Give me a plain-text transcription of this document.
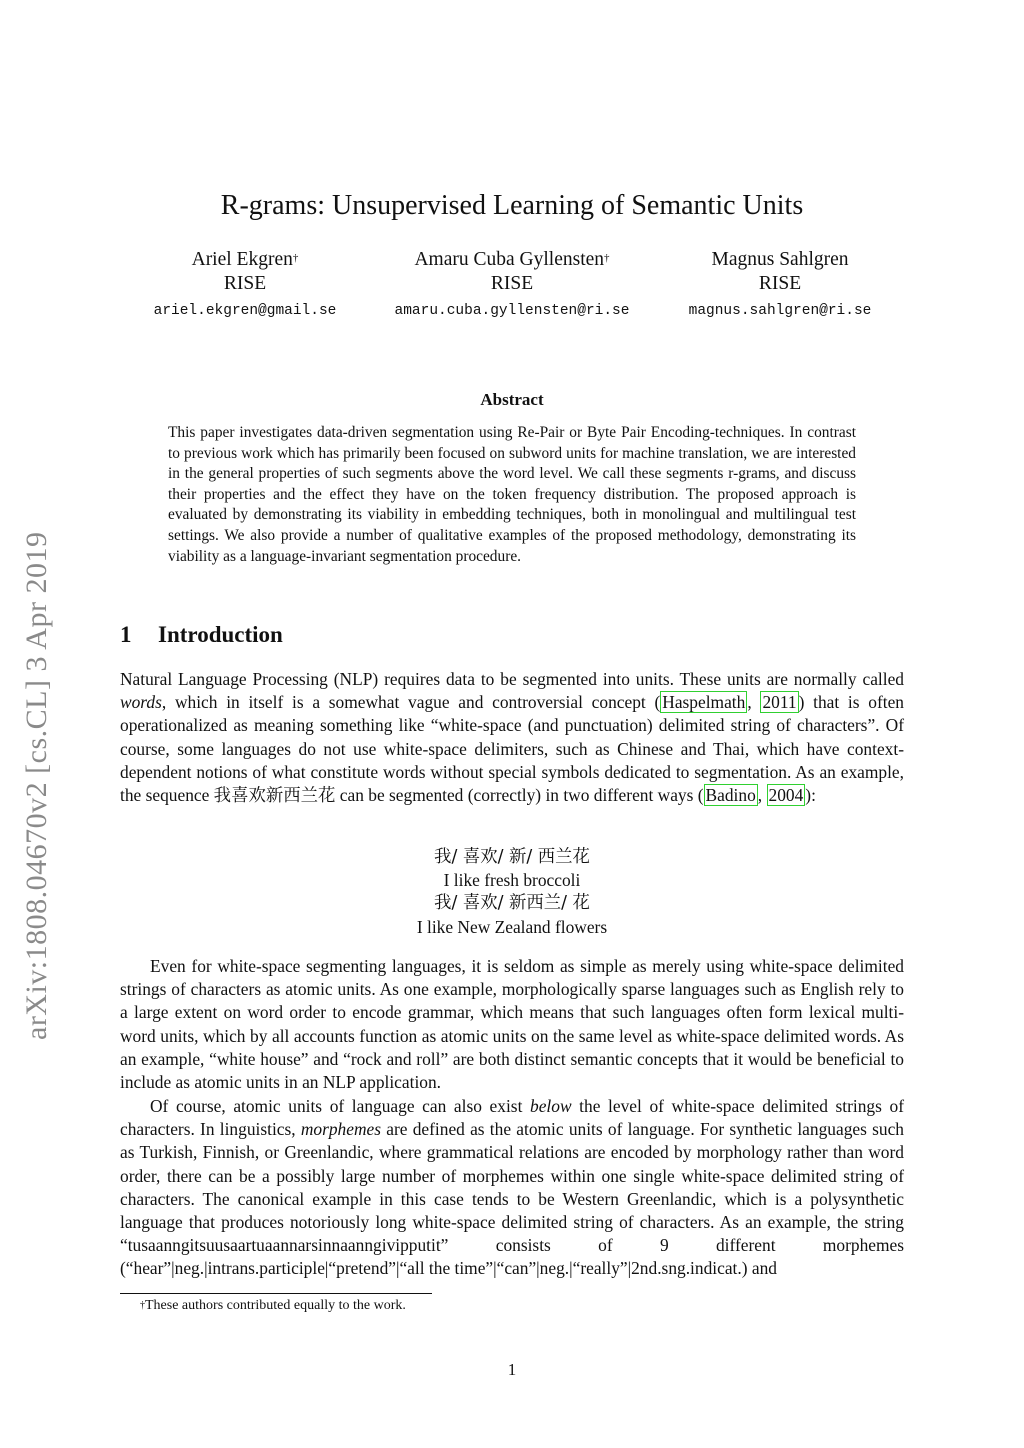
arXiv:1808.04670v2 [cs.CL] 3 Apr 2019
R-grams: Unsupervised Learning of Semantic Units
Ariel Ekgren†
RISE
ariel.ekgren@gmail.se
Amaru Cuba Gyllensten†
RISE
amaru.cuba.gyllensten@ri.se
Magnus Sahlgren
RISE
magnus.sahlgren@ri.se
Abstract
This paper investigates data-driven segmentation using Re-Pair or Byte Pair Encoding-techniques. In contrast to previous work which has primarily been focused on subword units for machine translation, we are interested in the general properties of such segments above the word level. We call these segments r-grams, and discuss their properties and the effect they have on the token frequency distribution. The proposed approach is evaluated by demonstrating its viability in embedding techniques, both in monolingual and multilingual test settings. We also provide a number of qualitative examples of the proposed methodology, demonstrating its viability as a language-invariant segmentation procedure.
1 Introduction
Natural Language Processing (NLP) requires data to be segmented into units. These units are normally called words, which in itself is a somewhat vague and controversial concept ( Haspelmath , 2011 ) that is often operationalized as meaning something like “white-space (and punctuation) delimited string of characters”. Of course, some languages do not use white-space delimiters, such as Chinese and Thai, which have context-dependent notions of what constitute words without special symbols dedicated to segmentation. As an example, the sequence 我喜欢新西兰花 can be segmented (correctly) in two different ways ( Badino , 2004 ):
我/ 喜欢/ 新/ 西兰花
I like fresh broccoli
我/ 喜欢/ 新西兰/ 花
I like New Zealand flowers

Even for white-space segmenting languages, it is seldom as simple as merely using white-space delimited strings of characters as atomic units. As one example, morphologically sparse languages such as English rely to a large extent on word order to encode grammar, which means that such languages often form lexical multi-word units, which by all accounts function as atomic units on the same level as white-space delimited words. As an example, “white house” and “rock and roll” are both distinct semantic concepts that it would be beneficial to include as atomic units in an NLP application.

Of course, atomic units of language can also exist below the level of white-space delimited strings of characters. In linguistics, morphemes are defined as the atomic units of language. For synthetic languages such as Turkish, Finnish, or Greenlandic, where grammatical relations are encoded by morphology rather than word order, there can be a possibly large number of morphemes within one single white-space delimited string of characters. The canonical example in this case tends to be Western Greenlandic, which is a polysynthetic language that produces notoriously long white-space delimited string of characters. As an example, the string “tusaanngitsuusaartuaannarsinnaanngivipputit” consists of 9 different morphemes (“hear”|neg.|intrans.participle|“pretend”|“all the time”|“can”|neg.|“really”|2nd.sng.indicat.) and

†These authors contributed equally to the work.
1
